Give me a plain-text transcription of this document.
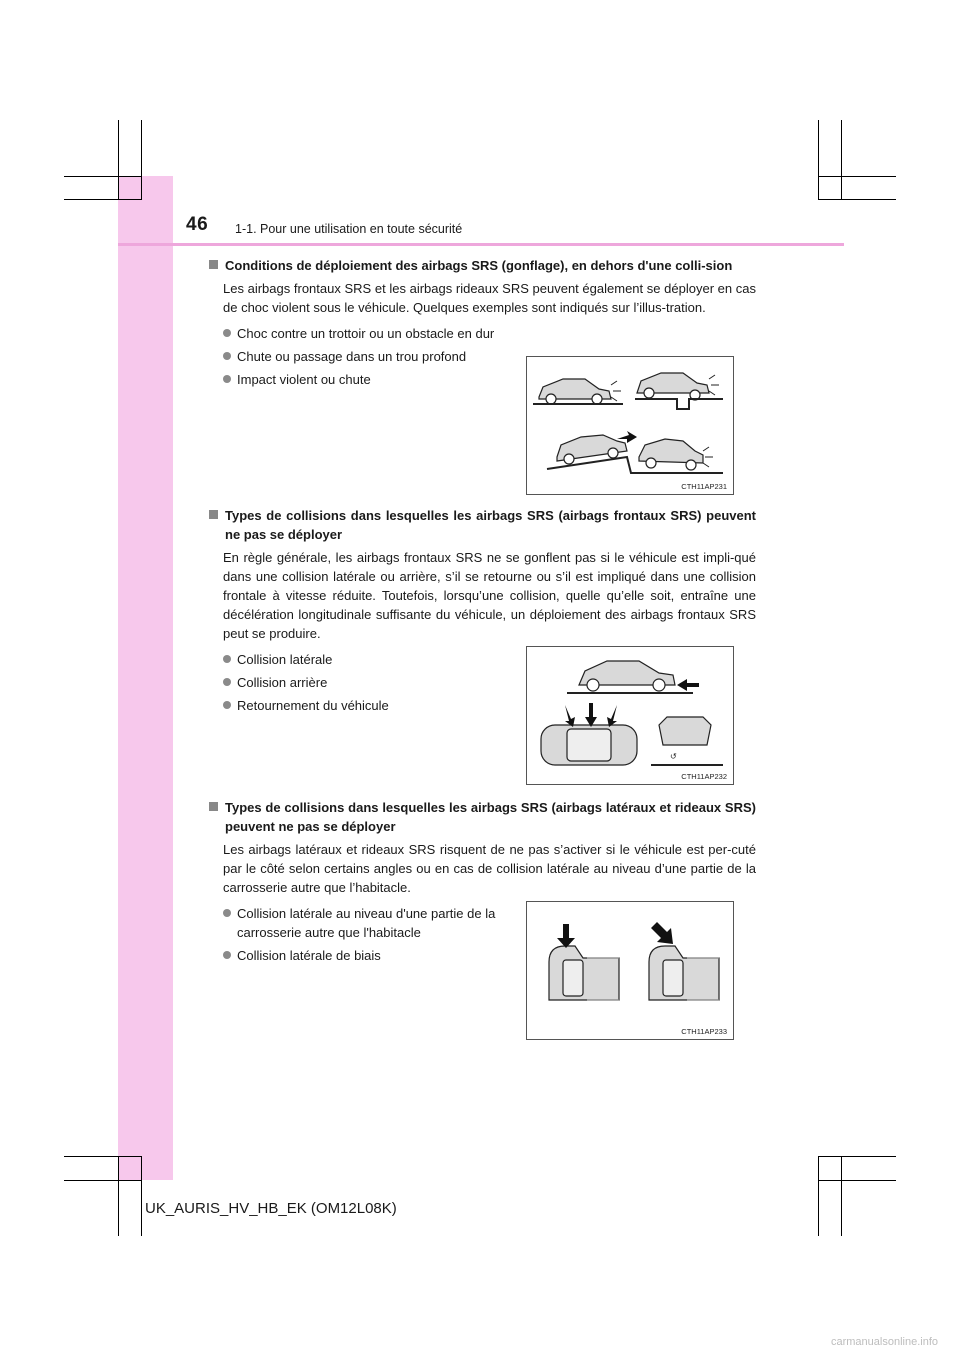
46 1-1. Pour une utilisation en toute sécurité
Conditions de déploiement des airbags SRS (gonflage), en dehors d'une colli-sion
Les airbags frontaux SRS et les airbags rideaux SRS peuvent également se déployer en cas de choc violent sous le véhicule. Quelques exemples sont indiqués sur l’illus-tration.
Choc contre un trottoir ou un obstacle en dur
Chute ou passage dans un trou profond
Impact violent ou chute
Types de collisions dans lesquelles les airbags SRS (airbags frontaux SRS) peuvent ne pas se déployer
En règle générale, les airbags frontaux SRS ne se gonflent pas si le véhicule est impli-qué dans une collision latérale ou arrière, s’il se retourne ou s’il est impliqué dans une collision frontale à vitesse réduite. Toutefois, lorsqu’une collision, quelle qu’elle soit, entraîne une décélération longitudinale suffisante du véhicule, un déploiement des airbags frontaux SRS peut se produire.
Collision latérale
Collision arrière
Retournement du véhicule
Types de collisions dans lesquelles les airbags SRS (airbags latéraux et rideaux SRS) peuvent ne pas se déployer
Les airbags latéraux et rideaux SRS risquent de ne pas s’activer si le véhicule est per-cuté par le côté selon certains angles ou en cas de collision latérale au niveau d’une partie de la carrosserie autre que l’habitacle.
Collision latérale au niveau d'une partie de la carrosserie autre que l'habitacle
Collision latérale de biais
CTH11AP231
↺
CTH11AP232
CTH11AP233
UK_AURIS_HV_HB_EK (OM12L08K)
carmanualsonline.info
